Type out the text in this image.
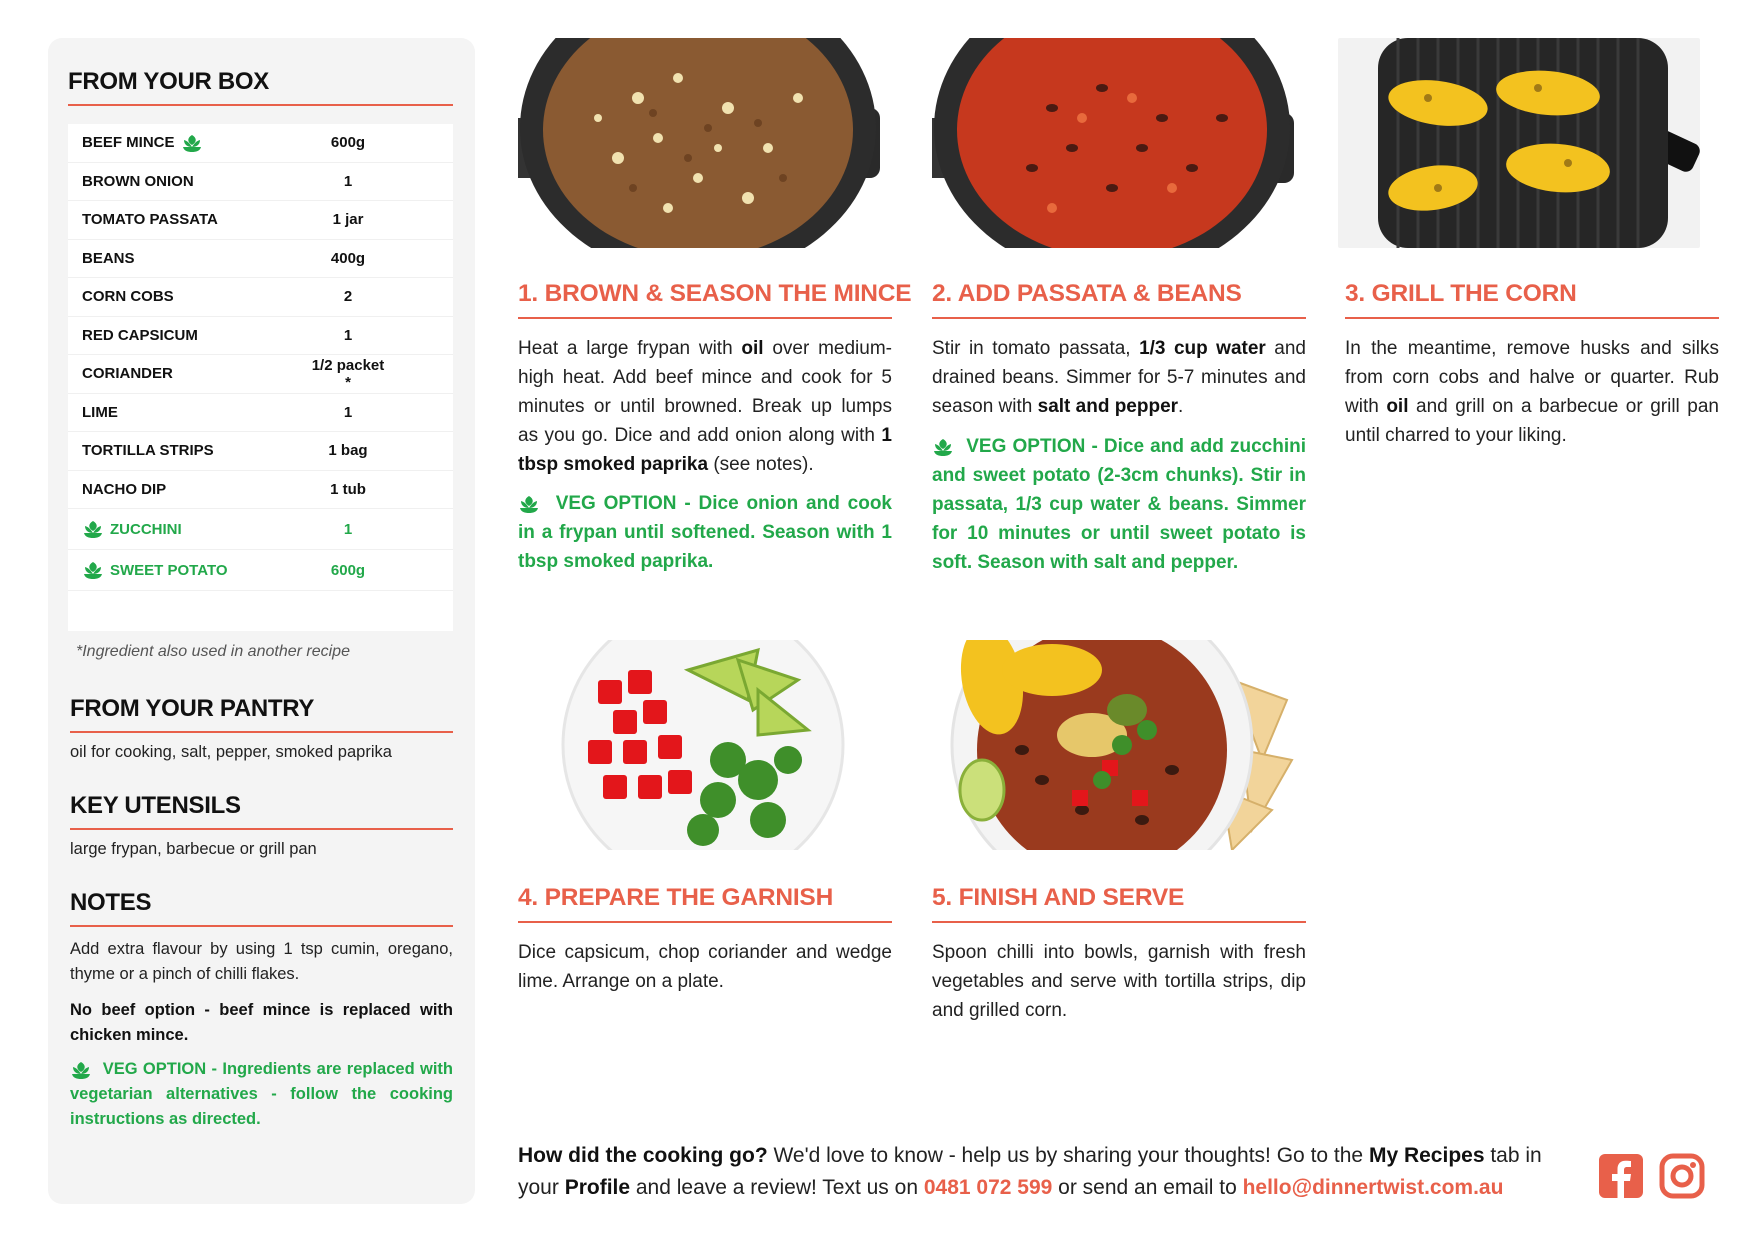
FROM YOUR BOX
BEEF MINCE	600g
BROWN ONION	1
TOMATO PASSATA	1 jar
BEANS	400g
CORN COBS	2
RED CAPSICUM	1
CORIANDER	1/2 packet *
LIME	1
TORTILLA STRIPS	1 bag
NACHO DIP	1 tub
ZUCCHINI	1
SWEET POTATO	600g
*Ingredient also used in another recipe
FROM YOUR PANTRY
oil for cooking, salt, pepper, smoked paprika
KEY UTENSILS
large frypan, barbecue or grill pan
NOTES
Add extra flavour by using 1 tsp cumin, oregano, thyme or a pinch of chilli flakes.
No beef option - beef mince is replaced with chicken mince.
VEG OPTION - Ingredients are replaced with vegetarian alternatives - follow the cooking instructions as directed.
1. BROWN & SEASON THE MINCE
Heat a large frypan with oil over medium-high heat. Add beef mince and cook for 5 minutes or until browned. Break up lumps as you go. Dice and add onion along with 1 tbsp smoked paprika (see notes).
VEG OPTION - Dice onion and cook in a frypan until softened. Season with 1 tbsp smoked paprika.
2. ADD PASSATA & BEANS
Stir in tomato passata, 1/3 cup water and drained beans. Simmer for 5-7 minutes and season with salt and pepper.
VEG OPTION - Dice and add zucchini and sweet potato (2-3cm chunks). Stir in passata, 1/3 cup water & beans. Simmer for 10 minutes or until sweet potato is soft. Season with salt and pepper.
3. GRILL THE CORN
In the meantime, remove husks and silks from corn cobs and halve or quarter. Rub with oil and grill on a barbecue or grill pan until charred to your liking.
4. PREPARE THE GARNISH
Dice capsicum, chop coriander and wedge lime. Arrange on a plate.
5. FINISH AND SERVE
Spoon chilli into bowls, garnish with fresh vegetables and serve with tortilla strips, dip and grilled corn.
How did the cooking go? We'd love to know - help us by sharing your thoughts! Go to the My Recipes tab in your Profile and leave a review! Text us on 0481 072 599 or send an email to hello@dinnertwist.com.au
